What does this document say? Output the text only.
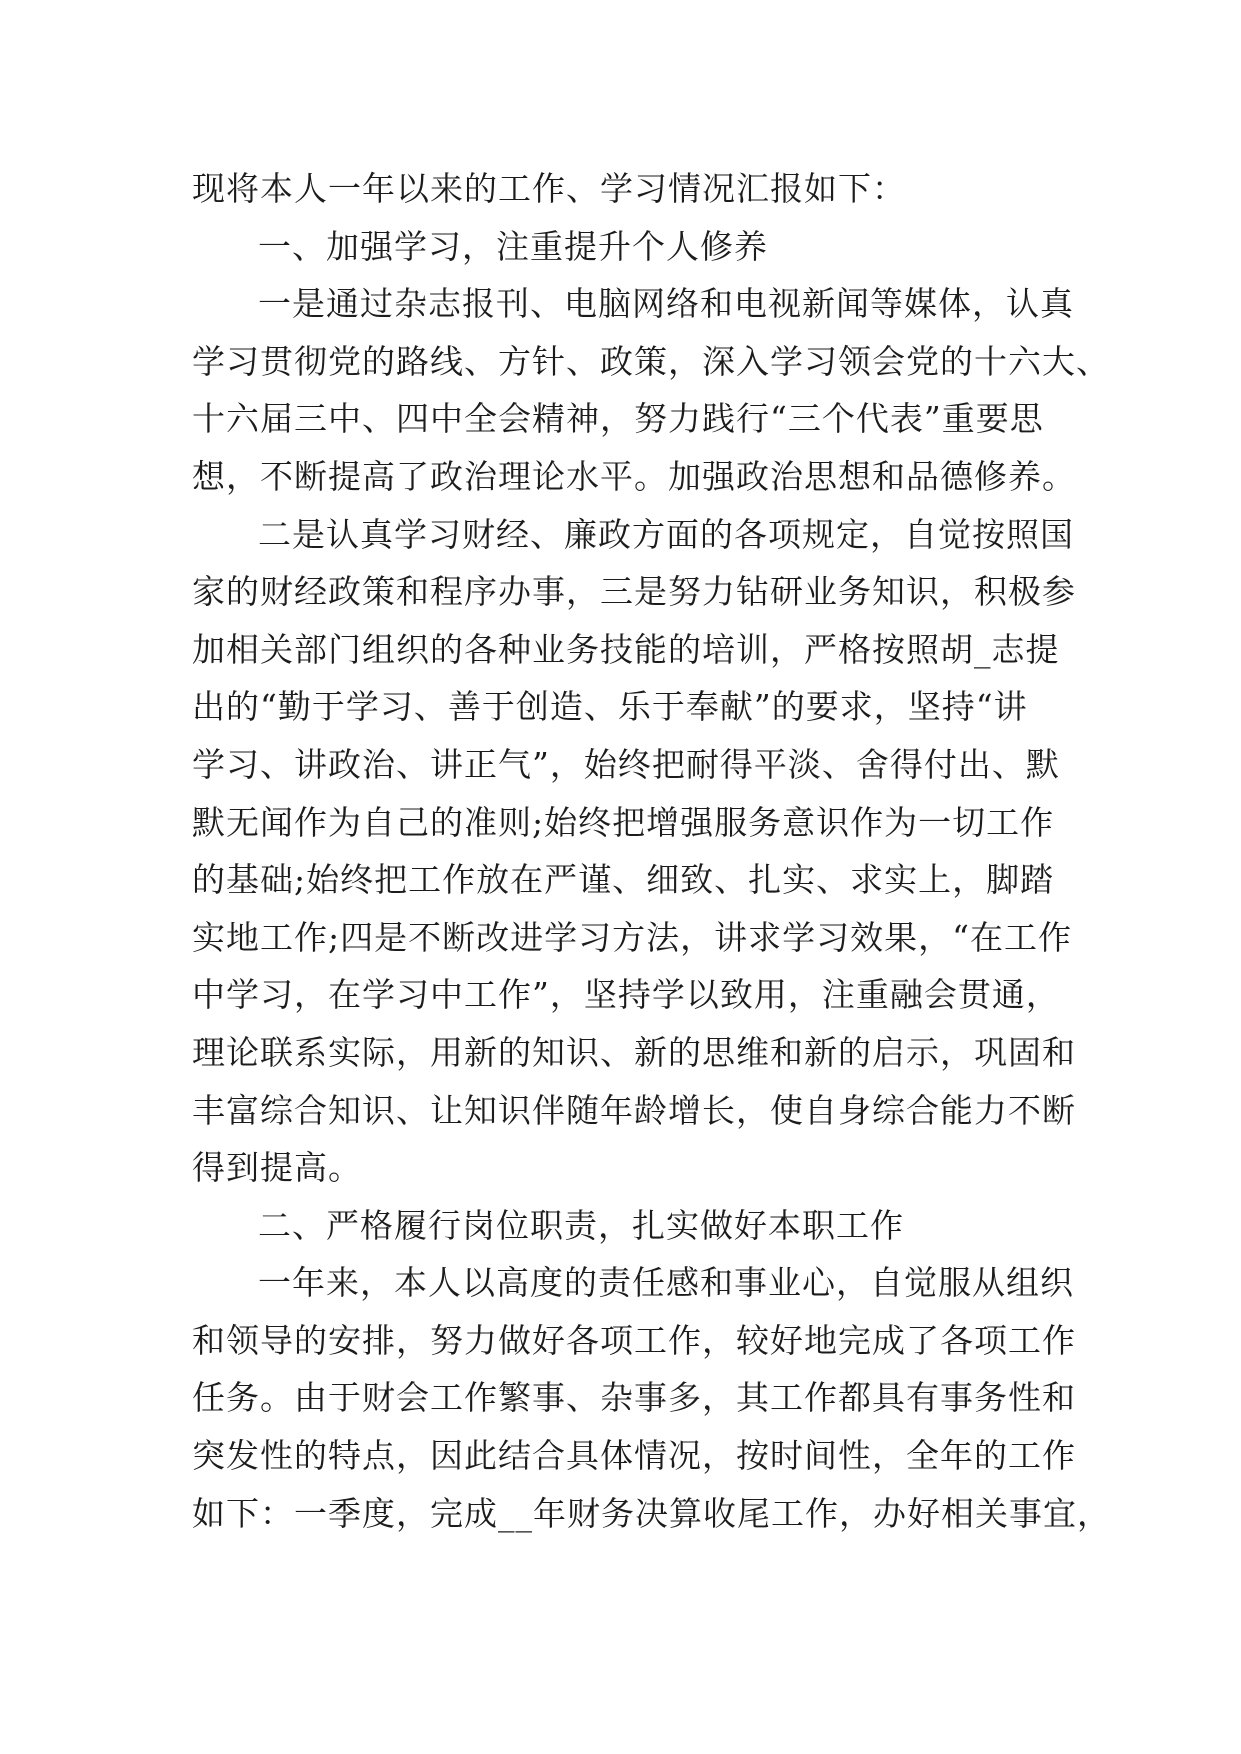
现将本人一年以来的工作、学习情况汇报如下：
一、加强学习，注重提升个人修养
一是通过杂志报刊、电脑网络和电视新闻等媒体，认真
学习贯彻党的路线、方针、政策，深入学习领会党的十六大、
十六届三中、四中全会精神，努力践行“三个代表”重要思
想，不断提高了政治理论水平。加强政治思想和品德修养。
二是认真学习财经、廉政方面的各项规定，自觉按照国
家的财经政策和程序办事，三是努力钻研业务知识，积极参
加相关部门组织的各种业务技能的培训，严格按照胡_志提
出的“勤于学习、善于创造、乐于奉献”的要求，坚持“讲
学习、讲政治、讲正气”，始终把耐得平淡、舍得付出、默
默无闻作为自己的准则;始终把增强服务意识作为一切工作
的基础;始终把工作放在严谨、细致、扎实、求实上，脚踏
实地工作;四是不断改进学习方法，讲求学习效果，“在工作
中学习，在学习中工作”，坚持学以致用，注重融会贯通，
理论联系实际，用新的知识、新的思维和新的启示，巩固和
丰富综合知识、让知识伴随年龄增长，使自身综合能力不断
得到提高。
二、严格履行岗位职责，扎实做好本职工作
一年来，本人以高度的责任感和事业心，自觉服从组织
和领导的安排，努力做好各项工作，较好地完成了各项工作
任务。由于财会工作繁事、杂事多，其工作都具有事务性和
突发性的特点，因此结合具体情况，按时间性，全年的工作
如下：一季度，完成__年财务决算收尾工作，办好相关事宜，
